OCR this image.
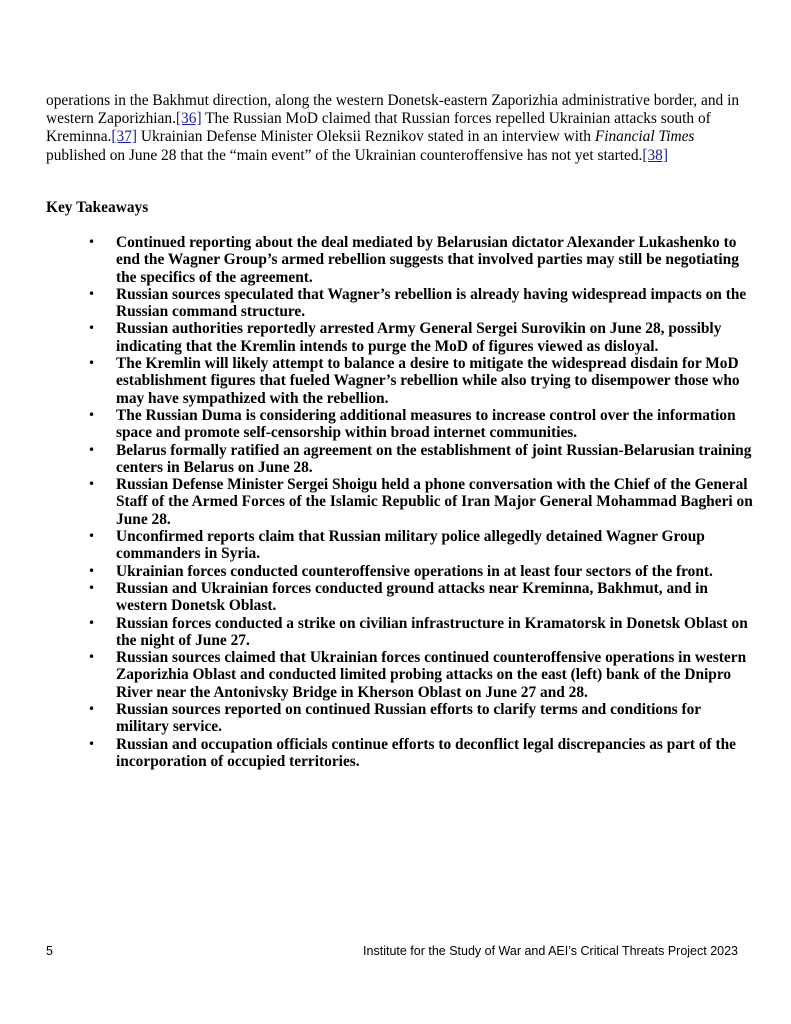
operations in the Bakhmut direction, along the western Donetsk-eastern Zaporizhia administrative border, and in western Zaporizhian.[36] The Russian MoD claimed that Russian forces repelled Ukrainian attacks south of Kreminna.[37] Ukrainian Defense Minister Oleksii Reznikov stated in an interview with Financial Times published on June 28 that the “main event” of the Ukrainian counteroffensive has not yet started.[38]

Key Takeaways
• Continued reporting about the deal mediated by Belarusian dictator Alexander Lukashenko to end the Wagner Group’s armed rebellion suggests that involved parties may still be negotiating the specifics of the agreement.
• Russian sources speculated that Wagner’s rebellion is already having widespread impacts on the Russian command structure.
• Russian authorities reportedly arrested Army General Sergei Surovikin on June 28, possibly indicating that the Kremlin intends to purge the MoD of figures viewed as disloyal.
• The Kremlin will likely attempt to balance a desire to mitigate the widespread disdain for MoD establishment figures that fueled Wagner’s rebellion while also trying to disempower those who may have sympathized with the rebellion.
• The Russian Duma is considering additional measures to increase control over the information space and promote self-censorship within broad internet communities.
• Belarus formally ratified an agreement on the establishment of joint Russian-Belarusian training centers in Belarus on June 28.
• Russian Defense Minister Sergei Shoigu held a phone conversation with the Chief of the General Staff of the Armed Forces of the Islamic Republic of Iran Major General Mohammad Bagheri on June 28.
• Unconfirmed reports claim that Russian military police allegedly detained Wagner Group commanders in Syria.
• Ukrainian forces conducted counteroffensive operations in at least four sectors of the front.
• Russian and Ukrainian forces conducted ground attacks near Kreminna, Bakhmut, and in western Donetsk Oblast.
• Russian forces conducted a strike on civilian infrastructure in Kramatorsk in Donetsk Oblast on the night of June 27.
• Russian sources claimed that Ukrainian forces continued counteroffensive operations in western Zaporizhia Oblast and conducted limited probing attacks on the east (left) bank of the Dnipro River near the Antonivsky Bridge in Kherson Oblast on June 27 and 28.
• Russian sources reported on continued Russian efforts to clarify terms and conditions for military service.
• Russian and occupation officials continue efforts to deconflict legal discrepancies as part of the incorporation of occupied territories.
5	Institute for the Study of War and AEI’s Critical Threats Project 2023
